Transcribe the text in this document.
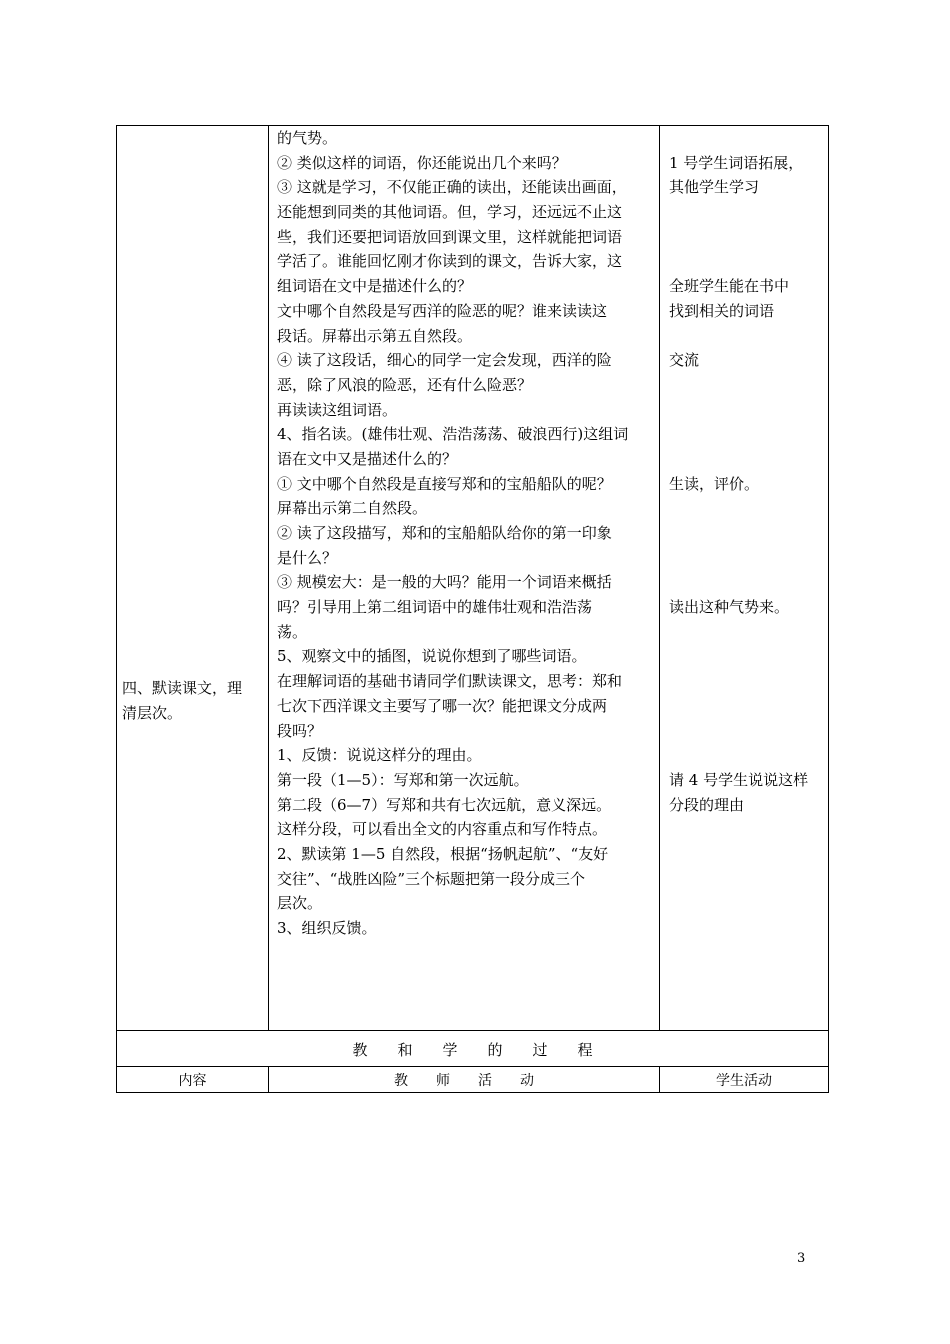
四、默读课文，理
清层次。
的气势。
② 类似这样的词语，你还能说出几个来吗？
③ 这就是学习，不仅能正确的读出，还能读出画面，
还能想到同类的其他词语。但，学习，还远远不止这
些，我们还要把词语放回到课文里，这样就能把词语
学活了。谁能回忆刚才你读到的课文，告诉大家，这
组词语在文中是描述什么的？
文中哪个自然段是写西洋的险恶的呢？谁来读读这
段话。屏幕出示第五自然段。
④ 读了这段话，细心的同学一定会发现，西洋的险
恶，除了风浪的险恶，还有什么险恶？
再读读这组词语。
4、指名读。(雄伟壮观、浩浩荡荡、破浪西行)这组词
语在文中又是描述什么的？
① 文中哪个自然段是直接写郑和的宝船船队的呢？
屏幕出示第二自然段。
② 读了这段描写，郑和的宝船船队给你的第一印象
是什么？
③ 规模宏大：是一般的大吗？能用一个词语来概括
吗？引导用上第二组词语中的雄伟壮观和浩浩荡
荡。
5、观察文中的插图，说说你想到了哪些词语。
在理解词语的基础书请同学们默读课文，思考：郑和
七次下西洋课文主要写了哪一次？能把课文分成两
段吗？
1、反馈：说说这样分的理由。
第一段（1—5）：写郑和第一次远航。
第二段（6—7）写郑和共有七次远航，意义深远。
这样分段，可以看出全文的内容重点和写作特点。
2、默读第 1—5 自然段，根据“扬帆起航”、“友好
交往”、“战胜凶险”三个标题把第一段分成三个
层次。
3、组织反馈。
1 号学生词语拓展，
其他学生学习
全班学生能在书中
找到相关的词语
交流
生读，评价。
读出这种气势来。
请 4 号学生说说这样
分段的理由
教　　和　　学　　的　　过　　程
内容	教　　师　　活　　动	学生活动
3
